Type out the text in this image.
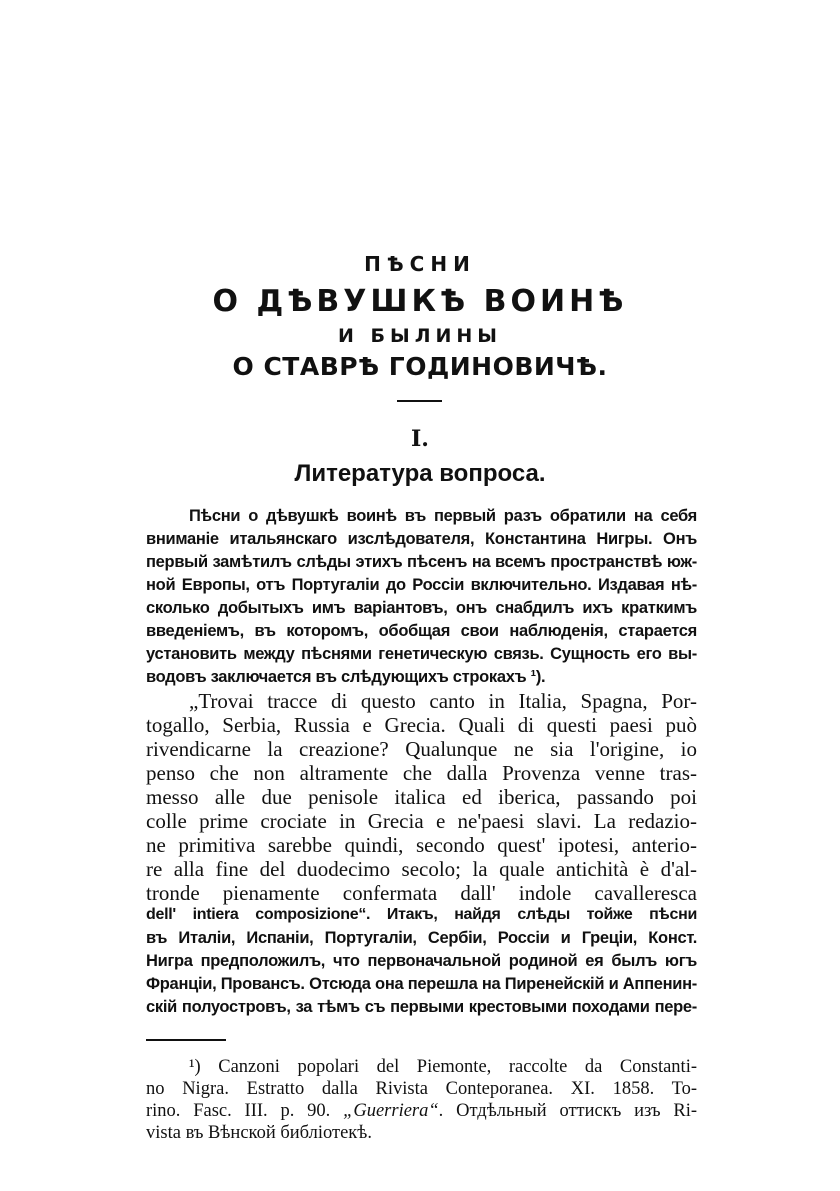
ПѢСНИ
О ДѢВУШКѢ ВОИНѢ
И БЫЛИНЫ
О СТАВРѢ ГОДИНОВИЧѢ.
I.
Литература вопроса.
Пѣсни о дѣвушкѣ воинѣ въ первый разъ обратили на себя
вниманіе итальянскаго изслѣдователя, Константина Нигры. Онъ
первый замѣтилъ слѣды этихъ пѣсенъ на всемъ пространствѣ юж-
ной Европы, отъ Португаліи до Россіи включительно. Издавая нѣ-
сколько добытыхъ имъ варіантовъ, онъ снабдилъ ихъ краткимъ
введеніемъ, въ которомъ, обобщая свои наблюденія, старается
установить между пѣснями генетическую связь. Сущность его вы-
водовъ заключается въ слѣдующихъ строкахъ ¹).
„Trovai tracce di questo canto in Italia, Spagna, Por-
togallo, Serbia, Russia e Grecia. Quali di questi paesi può
rivendicarne la creazione? Qualunque ne sia l'origine, io
penso che non altramente che dalla Provenza venne tras-
messo alle due penisole italica ed iberica, passando poi
colle prime crociate in Grecia e ne'paesi slavi. La redazio-
ne primitiva sarebbe quindi, secondo quest' ipotesi, anterio-
re alla fine del duodecimo secolo; la quale antichità è d'al-
tronde pienamente confermata dall' indole cavalleresca
dell' intiera composizione“. Итакъ, найдя слѣды тойже пѣсни
въ Италіи, Испаніи, Португаліи, Сербіи, Россіи и Греціи, Конст.
Нигра предположилъ, что первоначальной родиной ея былъ югъ
Франціи, Провансъ. Отсюда она перешла на Пиренейскій и Аппенин-
скій полуостровъ, за тѣмъ съ первыми крестовыми походами пере-
¹) Canzoni popolari del Piemonte, raccolte da Constanti-
no Nigra. Estratto dalla Rivista Conteporanea. XI. 1858. To-
rino. Fasc. III. p. 90. „Guerriera“. Отдѣльный оттискъ изъ Ri-
vista въ Вѣнской библіотекѣ.
